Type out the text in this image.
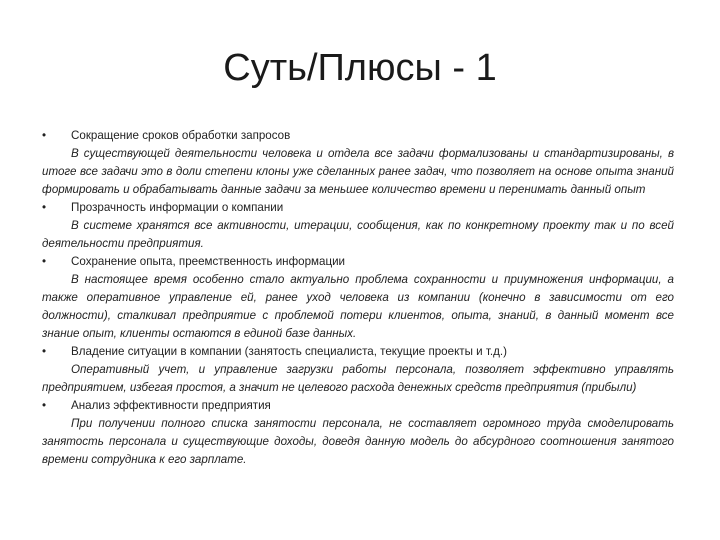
Суть/Плюсы - 1
•	Сокращение сроков обработки запросов
В существующей деятельности человека и отдела все задачи формализованы и стандартизированы, в итоге все задачи это в доли степени клоны уже сделанных ранее задач, что позволяет на основе опыта знаний формировать и обрабатывать данные задачи за меньшее количество времени и перенимать данный опыт
•	Прозрачность информации о компании
В системе хранятся все активности, итерации, сообщения, как по конкретному проекту так и по всей деятельности предприятия.
•	Сохранение опыта, преемственность информации
В настоящее время особенно стало актуально проблема сохранности и приумножения информации, а также оперативное управление ей, ранее уход человека из компании (конечно в зависимости от его должности), сталкивал предприятие с проблемой потери клиентов, опыта, знаний, в данный момент все знание опыт, клиенты остаются в единой базе данных.
•	Владение ситуации в компании (занятость специалиста, текущие проекты и т.д.)
Оперативный учет, и управление загрузки работы персонала, позволяет эффективно управлять предприятием, избегая простоя, а значит не целевого расхода денежных средств предприятия (прибыли)
•	Анализ эффективности предприятия
При получении полного списка занятости персонала, не составляет огромного труда смоделировать занятость персонала и существующие доходы, доведя данную модель до абсурдного соотношения занятого времени сотрудника к его зарплате.
